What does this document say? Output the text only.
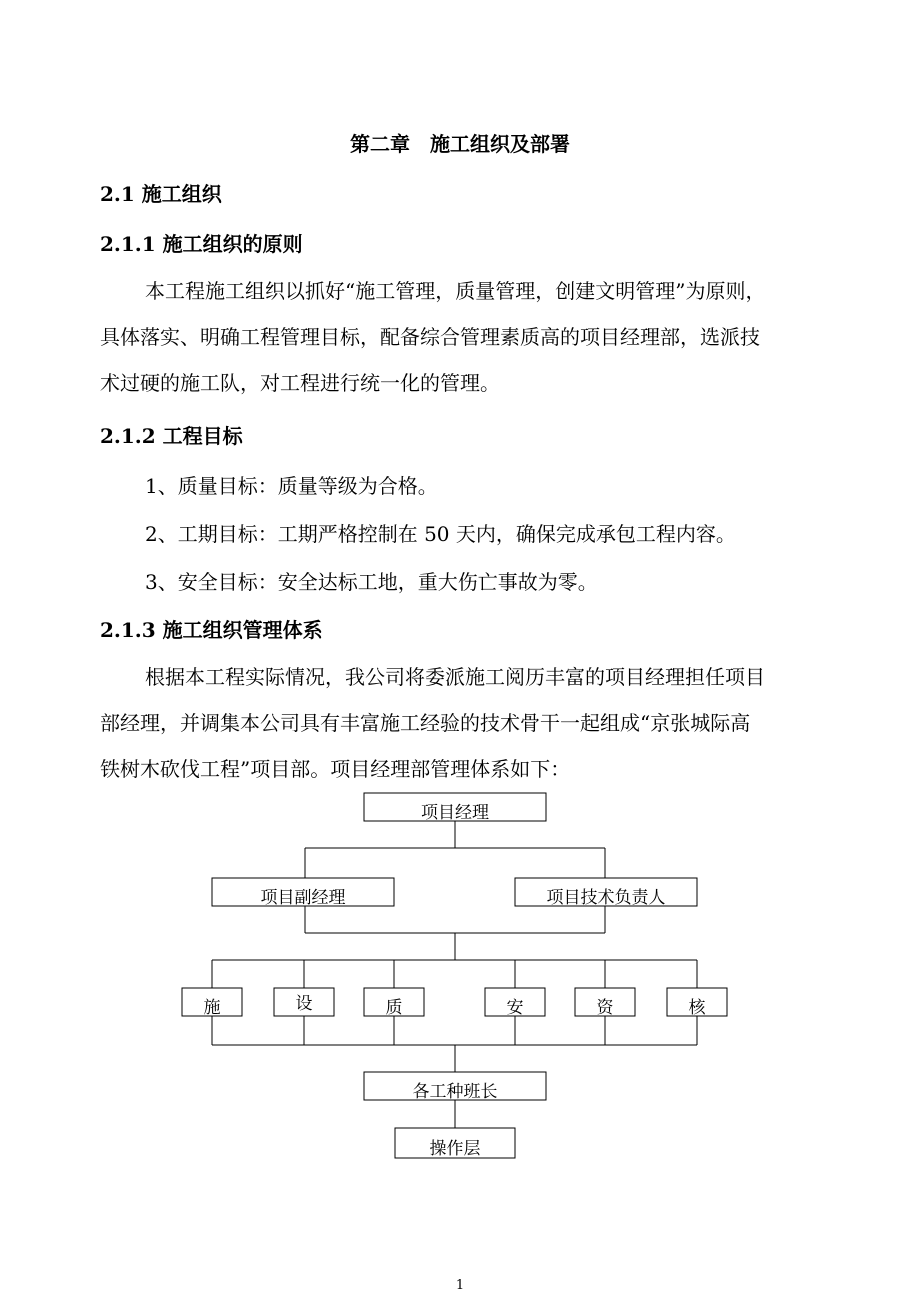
第二章　施工组织及部署
2.1 施工组织
2.1.1 施工组织的原则
本工程施工组织以抓好“施工管理，质量管理，创建文明管理”为原则，
具体落实、明确工程管理目标，配备综合管理素质高的项目经理部，选派技
术过硬的施工队，对工程进行统一化的管理。
2.1.2 工程目标
1、质量目标：质量等级为合格。
2、工期目标：工期严格控制在 50 天内，确保完成承包工程内容。
3、安全目标：安全达标工地，重大伤亡事故为零。
2.1.3 施工组织管理体系
根据本工程实际情况，我公司将委派施工阅历丰富的项目经理担任项目
部经理，并调集本公司具有丰富施工经验的技术骨干一起组成“京张城际高
铁树木砍伐工程”项目部。项目经理部管理体系如下：
项目经理
项目副经理	项目技术负责人
施	设	质	安	资	核
各工种班长
操作层
1
